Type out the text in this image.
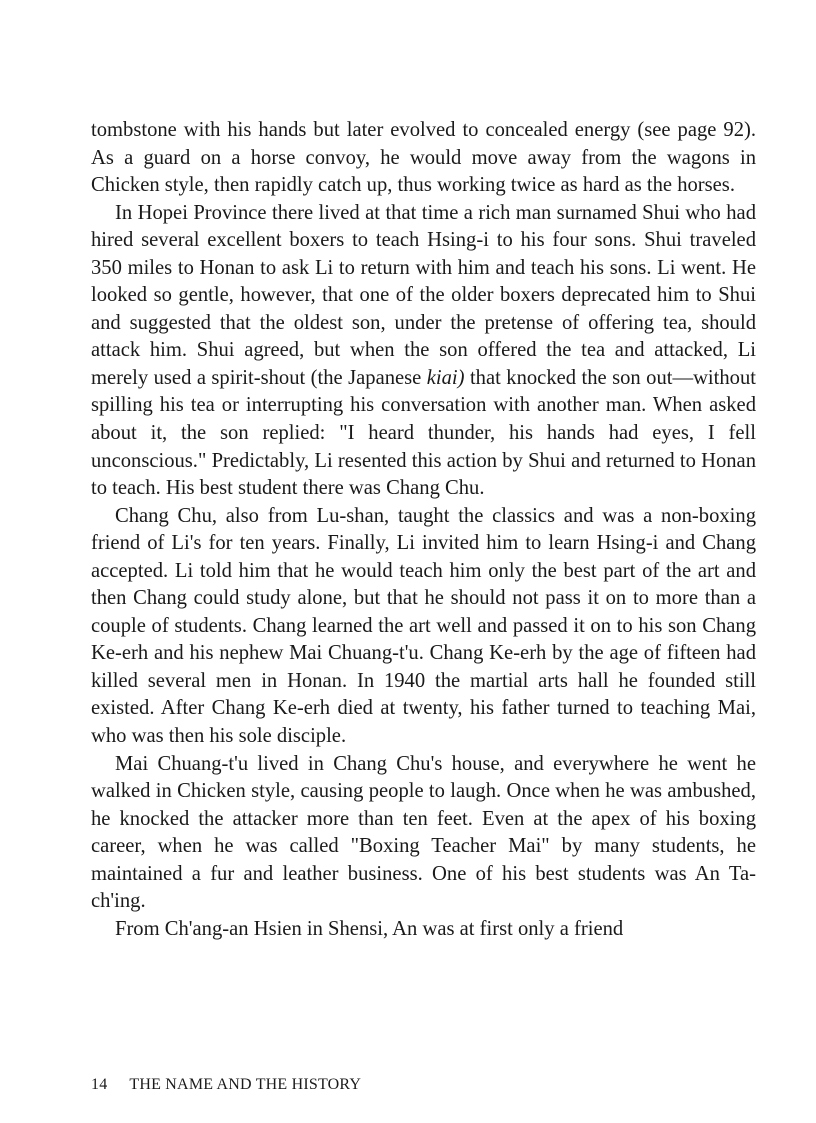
tombstone with his hands but later evolved to concealed energy (see page 92). As a guard on a horse convoy, he would move away from the wagons in Chicken style, then rapidly catch up, thus working twice as hard as the horses.

In Hopei Province there lived at that time a rich man surnamed Shui who had hired several excellent boxers to teach Hsing-i to his four sons. Shui traveled 350 miles to Honan to ask Li to return with him and teach his sons. Li went. He looked so gentle, however, that one of the older boxers deprecated him to Shui and suggested that the oldest son, under the pretense of offering tea, should attack him. Shui agreed, but when the son offered the tea and attacked, Li merely used a spirit-shout (the Japanese kiai) that knocked the son out—without spilling his tea or interrupting his conversation with another man. When asked about it, the son replied: "I heard thunder, his hands had eyes, I fell unconscious." Predictably, Li resented this action by Shui and returned to Honan to teach. His best student there was Chang Chu.

Chang Chu, also from Lu-shan, taught the classics and was a non-boxing friend of Li's for ten years. Finally, Li invited him to learn Hsing-i and Chang accepted. Li told him that he would teach him only the best part of the art and then Chang could study alone, but that he should not pass it on to more than a couple of students. Chang learned the art well and passed it on to his son Chang Ke-erh and his nephew Mai Chuang-t'u. Chang Ke-erh by the age of fifteen had killed several men in Honan. In 1940 the martial arts hall he founded still existed. After Chang Ke-erh died at twenty, his father turned to teaching Mai, who was then his sole disciple.

Mai Chuang-t'u lived in Chang Chu's house, and everywhere he went he walked in Chicken style, causing people to laugh. Once when he was ambushed, he knocked the attacker more than ten feet. Even at the apex of his boxing career, when he was called "Boxing Teacher Mai" by many students, he maintained a fur and leather business. One of his best students was An Ta-ch'ing.

From Ch'ang-an Hsien in Shensi, An was at first only a friend

14 THE NAME AND THE HISTORY
